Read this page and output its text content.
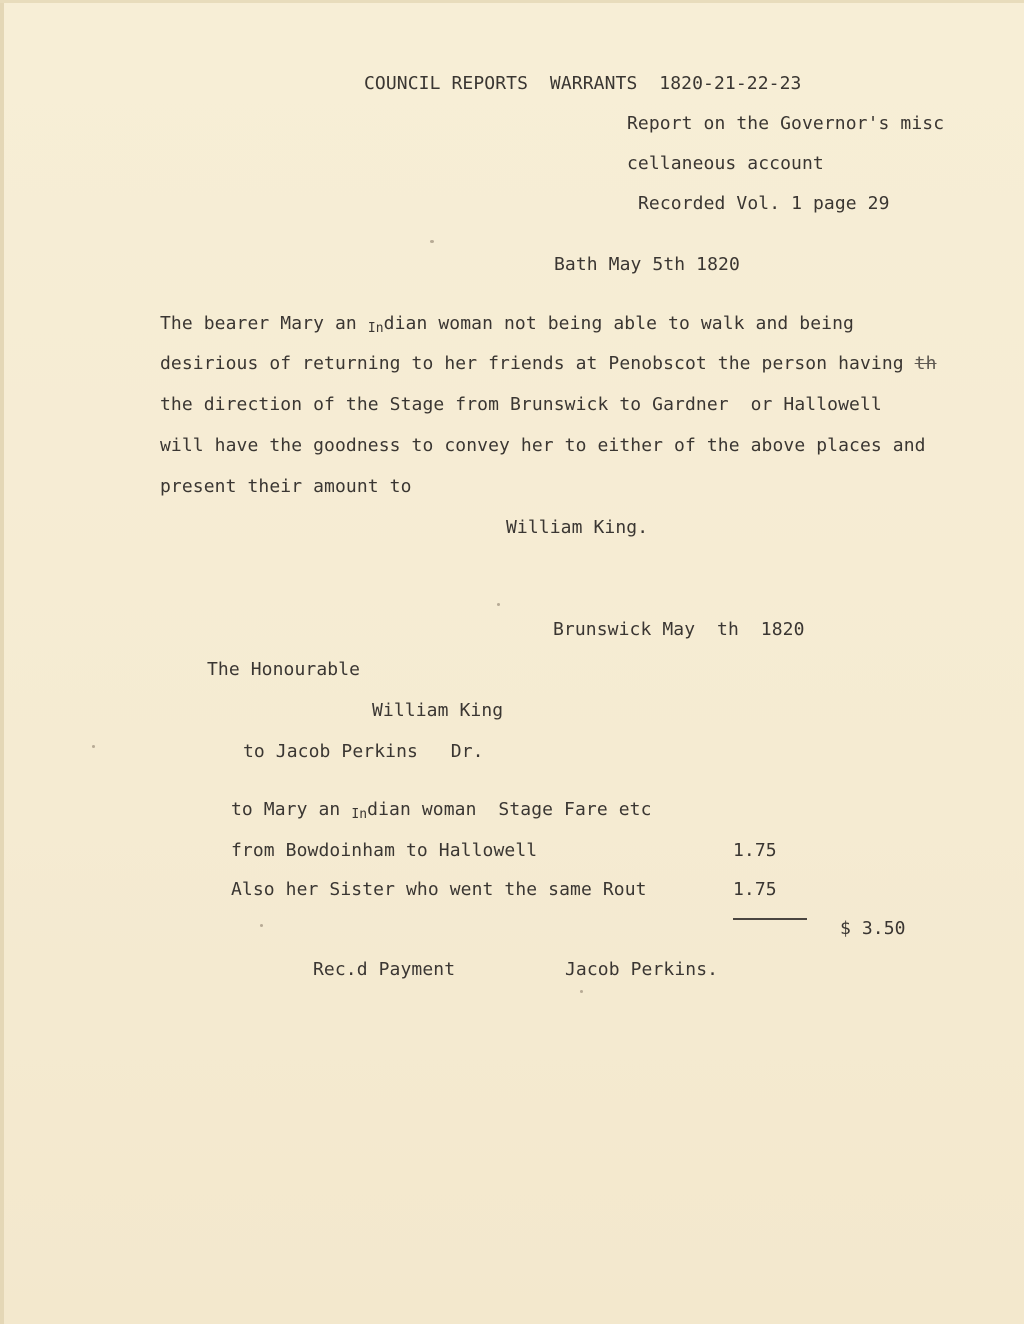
COUNCIL REPORTS  WARRANTS  1820-21-22-23
Report on the Governor's misc
cellaneous account
Recorded Vol. 1 page 29
Bath May 5th 1820
The bearer Mary an $_{In}$dian woman not being able to walk and being
desirious of returning to her friends at Penobscot the person having th
the direction of the Stage from Brunswick to Gardner  or Hallowell
will have the goodness to convey her to either of the above places and
present their amount to
William King.
Brunswick May  th  1820
The Honourable
William King
to Jacob Perkins   Dr.
to Mary an $_{In}$dian woman  Stage Fare etc
from Bowdoinham to Hallowell	1.75
Also her Sister who went the same Rout	1.75
$ 3.50
Rec.d Payment	Jacob Perkins.
